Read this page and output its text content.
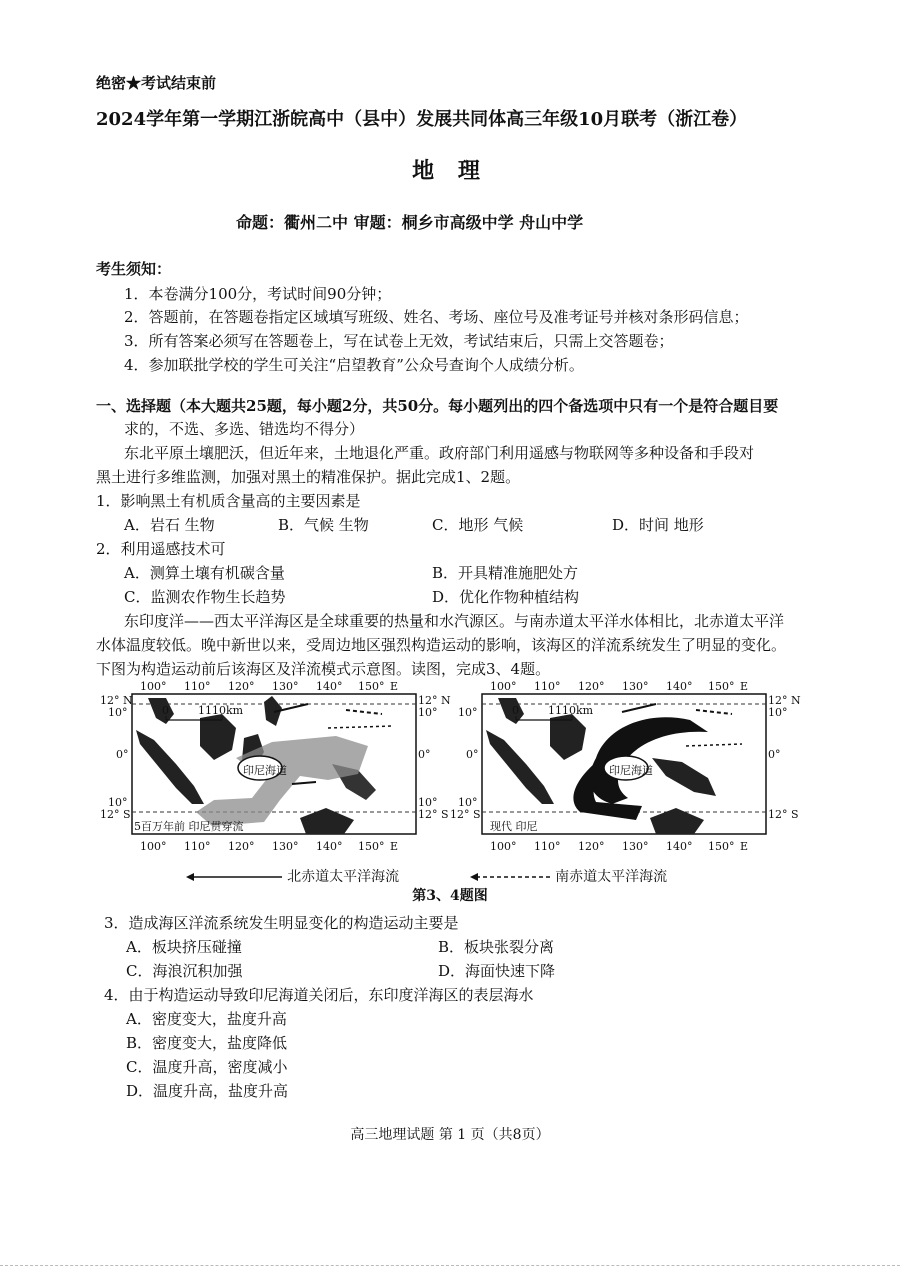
绝密★考试结束前
2024学年第一学期江浙皖高中（县中）发展共同体高三年级10月联考（浙江卷）
地 理
命题：衢州二中 审题：桐乡市高级中学 舟山中学
考生须知：
1．本卷满分100分，考试时间90分钟；
2．答题前，在答题卷指定区域填写班级、姓名、考场、座位号及准考证号并核对条形码信息；
3．所有答案必须写在答题卷上，写在试卷上无效，考试结束后，只需上交答题卷；
4．参加联批学校的学生可关注“启望教育”公众号查询个人成绩分析。
一、选择题（本大题共25题，每小题2分，共50分。每小题列出的四个备选项中只有一个是符合题目要
求的，不选、多选、错选均不得分）
东北平原土壤肥沃，但近年来，土地退化严重。政府部门利用遥感与物联网等多种设备和手段对
黑土进行多维监测，加强对黑土的精准保护。据此完成1、2题。
1．影响黑土有机质含量高的主要因素是
A．岩石 生物	B．气候 生物	C．地形 气候	D．时间 地形
2．利用遥感技术可
A．测算土壤有机碳含量	B．开具精准施肥处方
C．监测农作物生长趋势	D．优化作物种植结构
东印度洋——西太平洋海区是全球重要的热量和水汽源区。与南赤道太平洋水体相比，北赤道太平洋
水体温度较低。晚中新世以来，受周边地区强烈构造运动的影响，该海区的洋流系统发生了明显的变化。
下图为构造运动前后该海区及洋流模式示意图。读图，完成3、4题。
100° 110° 120° 130° 140° 150° E
12° N
10°
0°
10°
12° S
12° N
10°
0°
10°
12° S
0	1110km
印尼海道
5百万年前 印尼贯穿流
100° 110° 120° 130° 140° 150° E
100° 110° 120° 130° 140° 150° E
12° N
10°	10°
0°	0°
10°
12° S	12° S
0	1110km
印尼海道
现代 印尼
100° 110° 120° 130° 140° 150° E
北赤道太平洋海流	南赤道太平洋海流
第3、4题图
3．造成海区洋流系统发生明显变化的构造运动主要是
A．板块挤压碰撞	B．板块张裂分离
C．海浪沉积加强	D．海面快速下降
4．由于构造运动导致印尼海道关闭后，东印度洋海区的表层海水
A．密度变大，盐度升高
B．密度变大，盐度降低
C．温度升高，密度减小
D．温度升高，盐度升高
高三地理试题 第 1 页（共8页）
